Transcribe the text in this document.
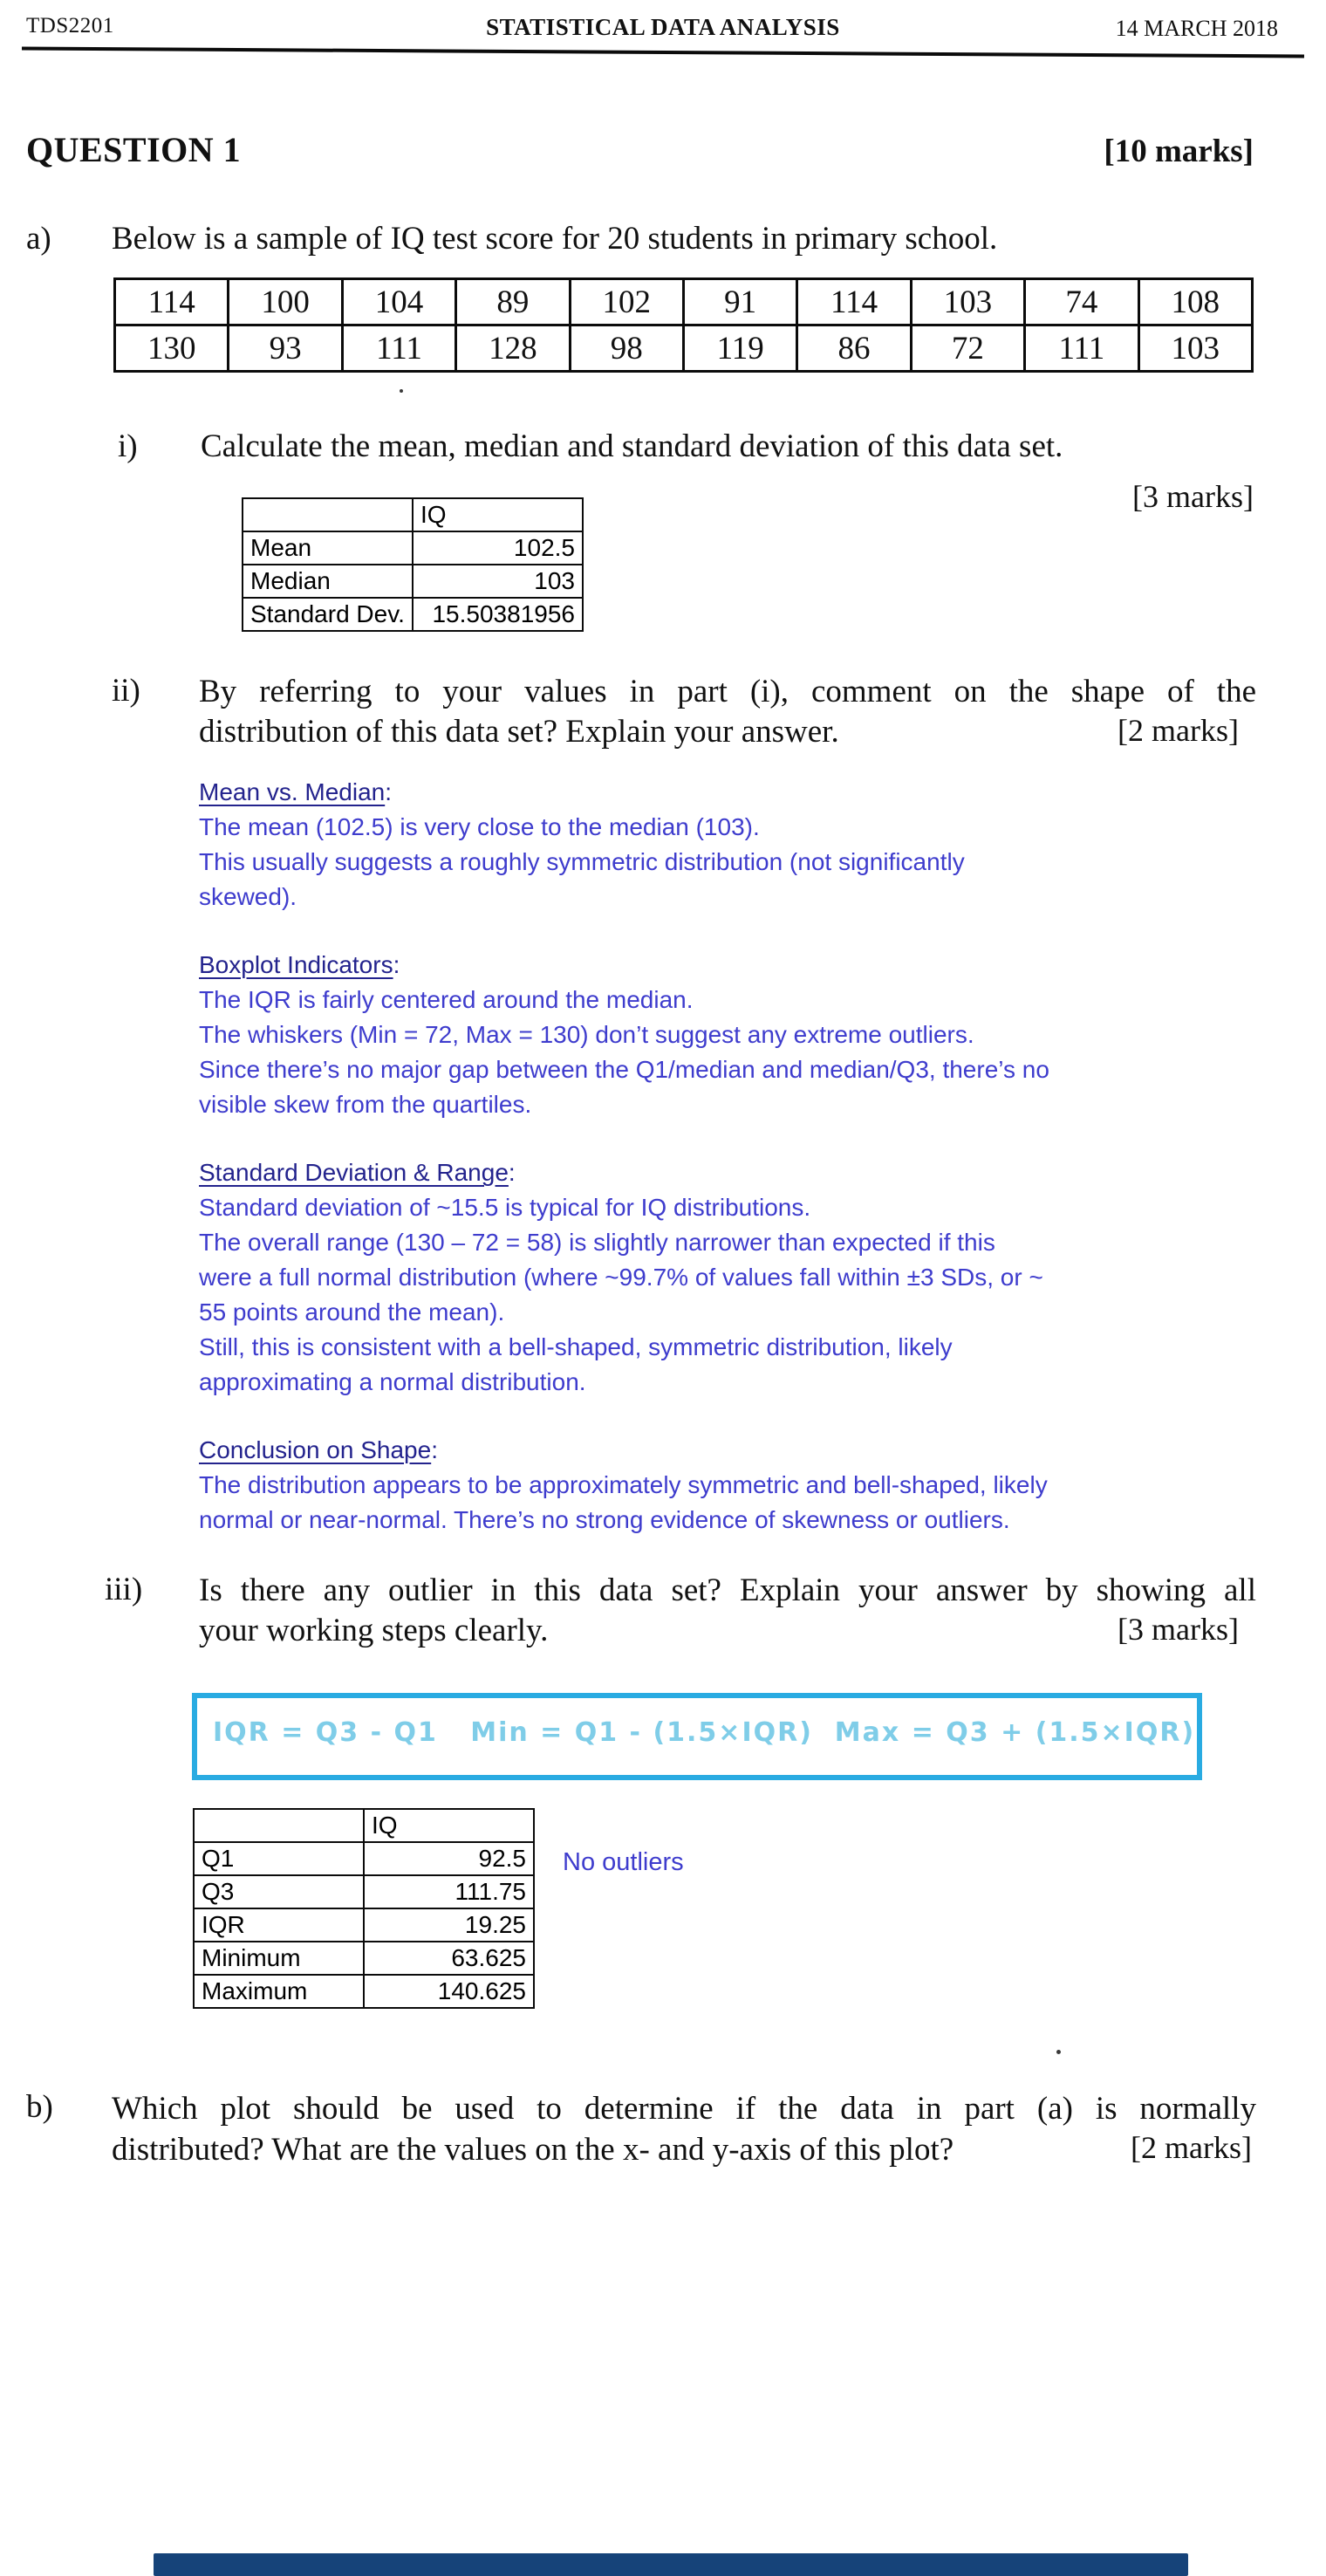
TDS2201	STATISTICAL DATA ANALYSIS	14 MARCH 2018
QUESTION 1	[10 marks]
a) Below is a sample of IQ test score for 20 students in primary school.
114	100	104	89	102	91	114	103	74	108
130	93	111	128	98	119	86	72	111	103
i) Calculate the mean, median and standard deviation of this data set.
[3 marks]
	IQ
Mean	102.5
Median	103
Standard Dev.	15.50381956
ii) By referring to your values in part (i), comment on the shape of the
distribution of this data set? Explain your answer.	[2 marks]
Mean vs. Median:
The mean (102.5) is very close to the median (103).
This usually suggests a roughly symmetric distribution (not significantly
skewed).
Boxplot Indicators:
The IQR is fairly centered around the median.
The whiskers (Min = 72, Max = 130) don’t suggest any extreme outliers.
Since there’s no major gap between the Q1/median and median/Q3, there’s no
visible skew from the quartiles.
Standard Deviation & Range:
Standard deviation of ~15.5 is typical for IQ distributions.
The overall range (130 – 72 = 58) is slightly narrower than expected if this
were a full normal distribution (where ~99.7% of values fall within ±3 SDs, or ~
55 points around the mean).
Still, this is consistent with a bell-shaped, symmetric distribution, likely
approximating a normal distribution.
Conclusion on Shape:
The distribution appears to be approximately symmetric and bell-shaped, likely
normal or near-normal. There’s no strong evidence of skewness or outliers.
iii) Is there any outlier in this data set? Explain your answer by showing all
your working steps clearly.	[3 marks]
IQR = Q3 - Q1   Min = Q1 - (1.5×IQR)  Max = Q3 + (1.5×IQR)
	IQ
Q1	92.5
Q3	111.75
IQR	19.25
Minimum	63.625
Maximum	140.625
No outliers
b) Which plot should be used to determine if the data in part (a) is normally
distributed? What are the values on the x- and y-axis of this plot?	[2 marks]
